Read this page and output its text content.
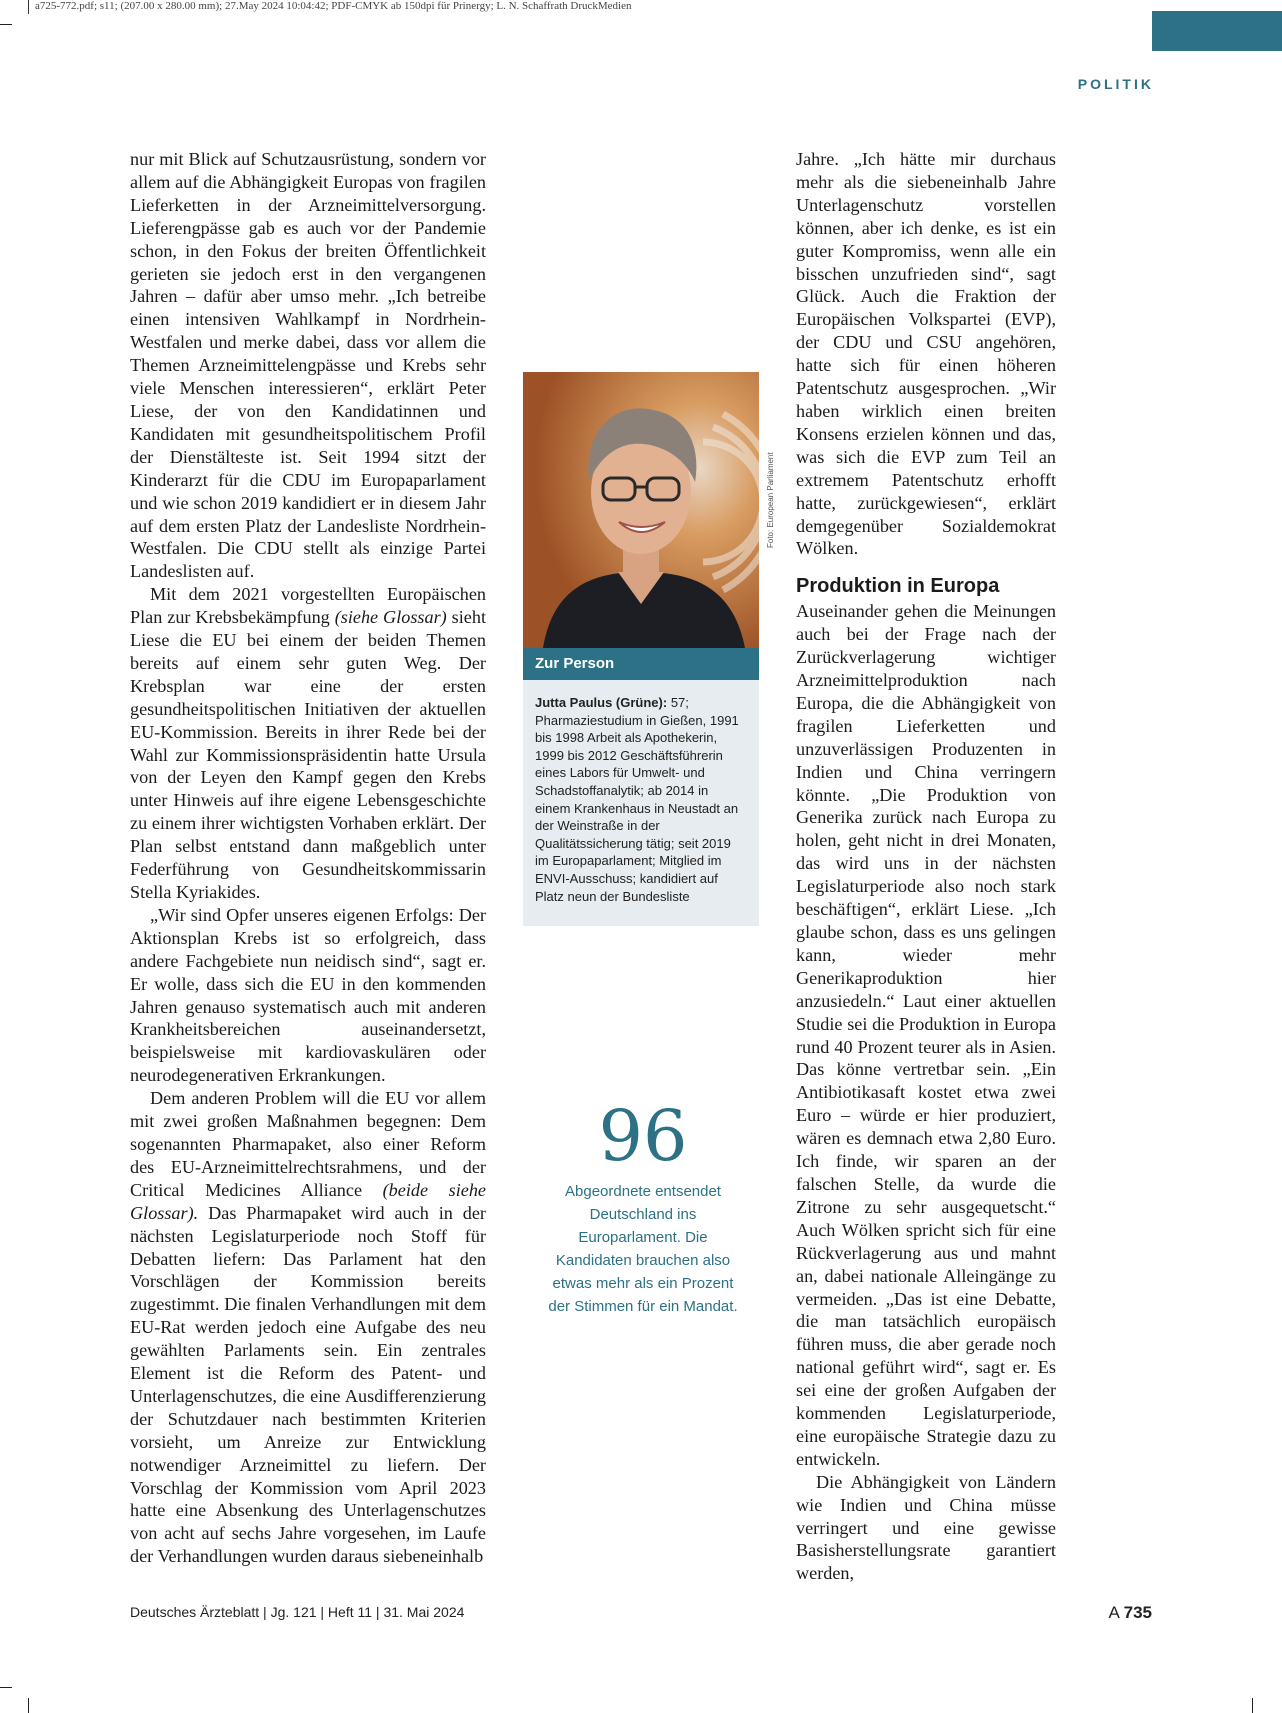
a725-772.pdf; s11; (207.00 x 280.00 mm); 27.May 2024 10:04:42; PDF-CMYK ab 150dpi für Prinergy; L. N. Schaffrath DruckMedien
POLITIK

nur mit Blick auf Schutzausrüstung, sondern vor allem auf die Abhängigkeit Europas von fragilen Lieferketten in der Arzneimittelversorgung. Lieferengpässe gab es auch vor der Pandemie schon, in den Fokus der breiten Öffentlichkeit gerieten sie jedoch erst in den vergangenen Jahren – dafür aber umso mehr. „Ich betreibe einen intensiven Wahlkampf in Nordrhein-Westfalen und merke dabei, dass vor allem die Themen Arzneimittelengpässe und Krebs sehr viele Menschen interessieren“, erklärt Peter Liese, der von den Kandidatinnen und Kandidaten mit gesundheitspolitischem Profil der Dienstälteste ist. Seit 1994 sitzt der Kinderarzt für die CDU im Europaparlament und wie schon 2019 kandidiert er in diesem Jahr auf dem ersten Platz der Landesliste Nordrhein-Westfalen. Die CDU stellt als einzige Partei Landeslisten auf.

Mit dem 2021 vorgestellten Europäischen Plan zur Krebsbekämpfung (siehe Glossar) sieht Liese die EU bei einem der beiden Themen bereits auf einem sehr guten Weg. Der Krebsplan war eine der ersten gesundheitspolitischen Initiativen der aktuellen EU-Kommission. Bereits in ihrer Rede bei der Wahl zur Kommissionspräsidentin hatte Ursula von der Leyen den Kampf gegen den Krebs unter Hinweis auf ihre eigene Lebensgeschichte zu einem ihrer wichtigsten Vorhaben erklärt. Der Plan selbst entstand dann maßgeblich unter Federführung von Gesundheitskommissarin Stella Kyriakides.

„Wir sind Opfer unseres eigenen Erfolgs: Der Aktionsplan Krebs ist so erfolgreich, dass andere Fachgebiete nun neidisch sind“, sagt er. Er wolle, dass sich die EU in den kommenden Jahren genauso systematisch auch mit anderen Krankheitsbereichen auseinandersetzt, beispielsweise mit kardiovaskulären oder neurodegenerativen Erkrankungen.

Dem anderen Problem will die EU vor allem mit zwei großen Maßnahmen begegnen: Dem sogenannten Pharmapaket, also einer Reform des EU-Arzneimittelrechtsrahmens, und der Critical Medicines Alliance (beide siehe Glossar). Das Pharmapaket wird auch in der nächsten Legislaturperiode noch Stoff für Debatten liefern: Das Parlament hat den Vorschlägen der Kommission bereits zugestimmt. Die finalen Verhandlungen mit dem EU-Rat werden jedoch eine Aufgabe des neu gewählten Parlaments sein. Ein zentrales Element ist die Reform des Patent- und Unterlagenschutzes, die eine Ausdifferenzierung der Schutzdauer nach bestimmten Kriterien vorsieht, um Anreize zur Entwicklung notwendiger Arzneimittel zu liefern. Der Vorschlag der Kommission vom April 2023 hatte eine Absenkung des Unterlagenschutzes von acht auf sechs Jahre vorgesehen, im Laufe der Verhandlungen wurden daraus siebeneinhalb

Foto: European Parliament
Zur Person
Jutta Paulus (Grüne): 57; Pharmaziestudium in Gießen, 1991 bis 1998 Arbeit als Apothekerin, 1999 bis 2012 Geschäftsführerin eines Labors für Umwelt- und Schadstoffanalytik; ab 2014 in einem Krankenhaus in Neustadt an der Weinstraße in der Qualitätssicherung tätig; seit 2019 im Europaparlament; Mitglied im ENVI-Ausschuss; kandidiert auf Platz neun der Bundesliste
96
Abgeordnete entsendet Deutschland ins Europarlament. Die Kandidaten brauchen also etwas mehr als ein Prozent der Stimmen für ein Mandat.

Jahre. „Ich hätte mir durchaus mehr als die siebeneinhalb Jahre Unterlagenschutz vorstellen können, aber ich denke, es ist ein guter Kompromiss, wenn alle ein bisschen unzufrieden sind“, sagt Glück. Auch die Fraktion der Europäischen Volkspartei (EVP), der CDU und CSU angehören, hatte sich für einen höheren Patentschutz ausgesprochen. „Wir haben wirklich einen breiten Konsens erzielen können und das, was sich die EVP zum Teil an extremem Patentschutz erhofft hatte, zurückgewiesen“, erklärt demgegenüber Sozialdemokrat Wölken.

Produktion in Europa

Auseinander gehen die Meinungen auch bei der Frage nach der Zurückverlagerung wichtiger Arzneimittelproduktion nach Europa, die die Abhängigkeit von fragilen Lieferketten und unzuverlässigen Produzenten in Indien und China verringern könnte. „Die Produktion von Generika zurück nach Europa zu holen, geht nicht in drei Monaten, das wird uns in der nächsten Legislaturperiode also noch stark beschäftigen“, erklärt Liese. „Ich glaube schon, dass es uns gelingen kann, wieder mehr Generikaproduktion hier anzusiedeln.“ Laut einer aktuellen Studie sei die Produktion in Europa rund 40 Prozent teurer als in Asien. Das könne vertretbar sein. „Ein Antibiotikasaft kostet etwa zwei Euro – würde er hier produziert, wären es demnach etwa 2,80 Euro. Ich finde, wir sparen an der falschen Stelle, da wurde die Zitrone zu sehr ausgequetscht.“ Auch Wölken spricht sich für eine Rückverlagerung aus und mahnt an, dabei nationale Alleingänge zu vermeiden. „Das ist eine Debatte, die man tatsächlich europäisch führen muss, die aber gerade noch national geführt wird“, sagt er. Es sei eine der großen Aufgaben der kommenden Legislaturperiode, eine europäische Strategie dazu zu entwickeln.

Die Abhängigkeit von Ländern wie Indien und China müsse verringert und eine gewisse Basisherstellungsrate garantiert werden,

Deutsches Ärzteblatt | Jg. 121 | Heft 11 | 31. Mai 2024	A 735
